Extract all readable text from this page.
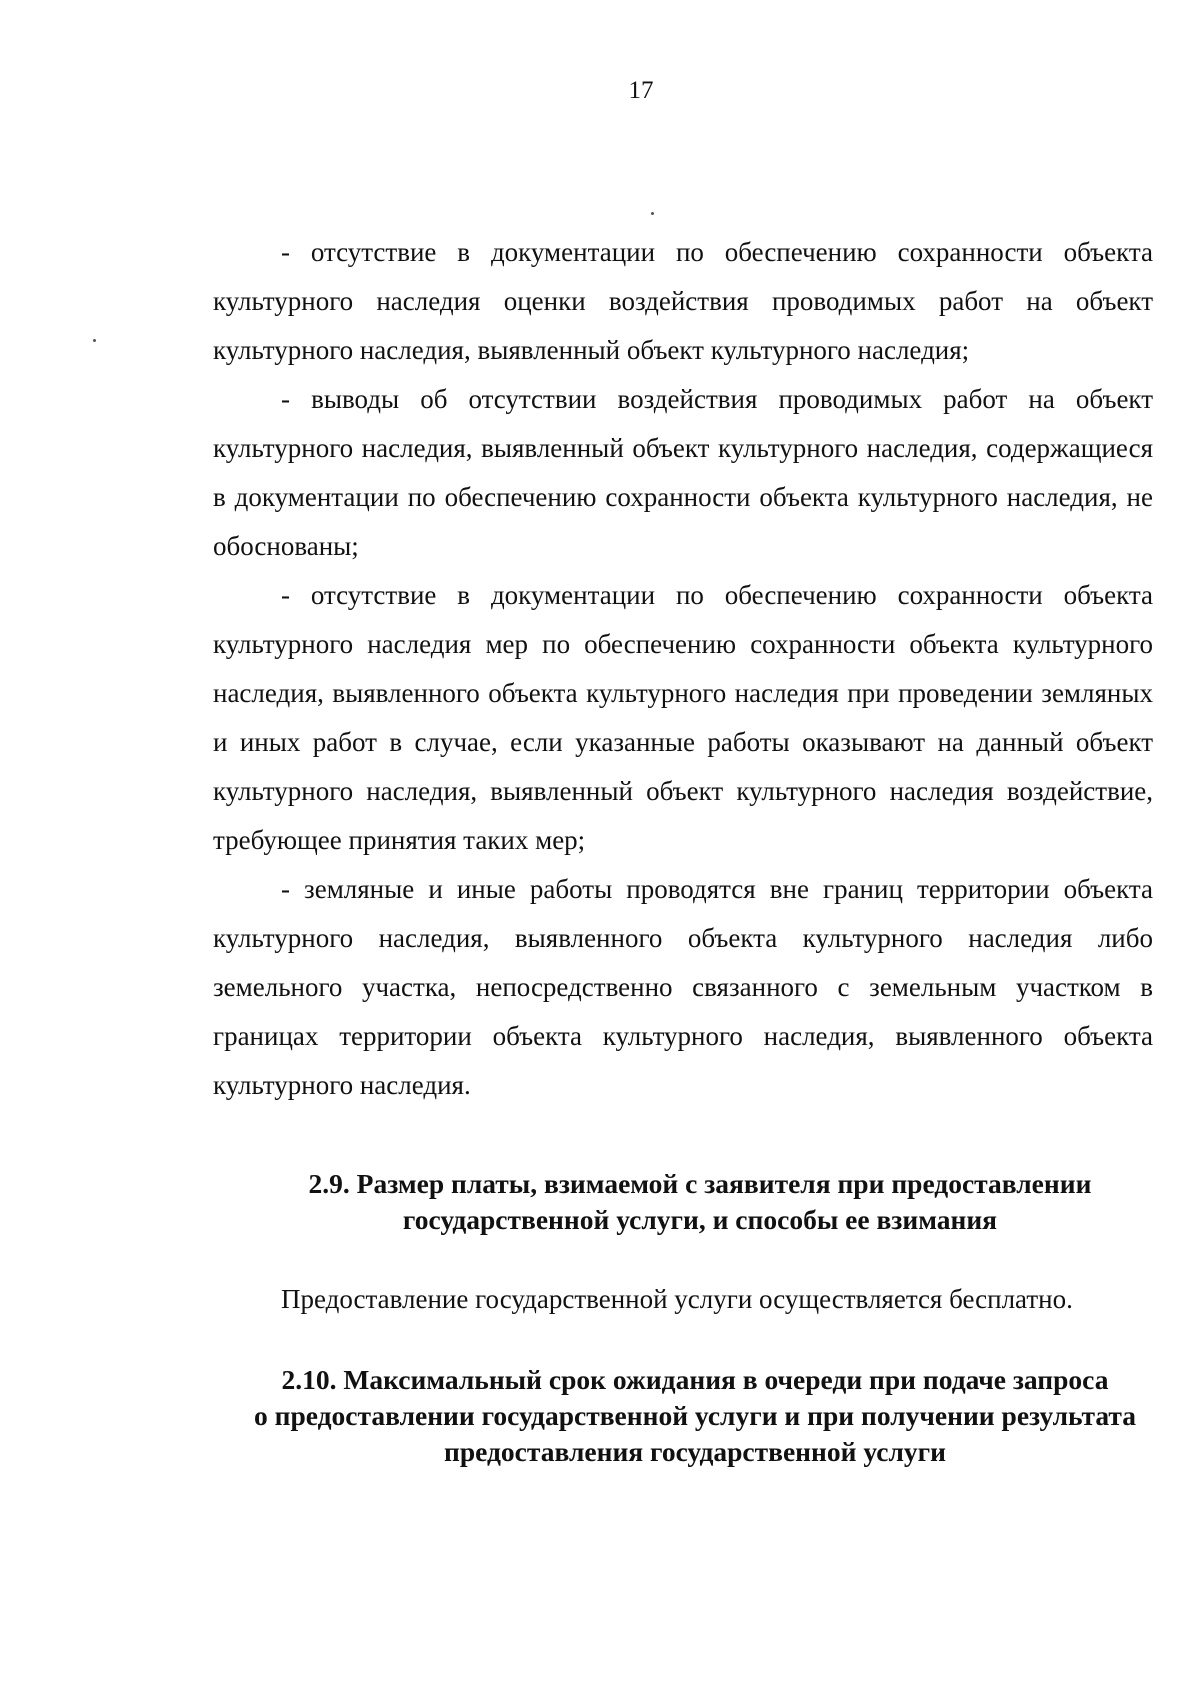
17

- отсутствие в документации по обеспечению сохранности объекта культурного наследия оценки воздействия проводимых работ на объект культурного наследия, выявленный объект культурного наследия;

- выводы об отсутствии воздействия проводимых работ на объект культурного наследия, выявленный объект культурного наследия, содержащиеся в документации по обеспечению сохранности объекта культурного наследия, не обоснованы;

- отсутствие в документации по обеспечению сохранности объекта культурного наследия мер по обеспечению сохранности объекта культурного наследия, выявленного объекта культурного наследия при проведении земляных и иных работ в случае, если указанные работы оказывают на данный объект культурного наследия, выявленный объект культурного наследия воздействие, требующее принятия таких мер;

- земляные и иные работы проводятся вне границ территории объекта культурного наследия, выявленного объекта культурного наследия либо земельного участка, непосредственно связанного с земельным участком в границах территории объекта культурного наследия, выявленного объекта культурного наследия.

2.9. Размер платы, взимаемой с заявителя при предоставлении
государственной услуги, и способы ее взимания

Предоставление государственной услуги осуществляется бесплатно.

2.10. Максимальный срок ожидания в очереди при подаче запроса
о предоставлении государственной услуги и при получении результата
предоставления государственной услуги
